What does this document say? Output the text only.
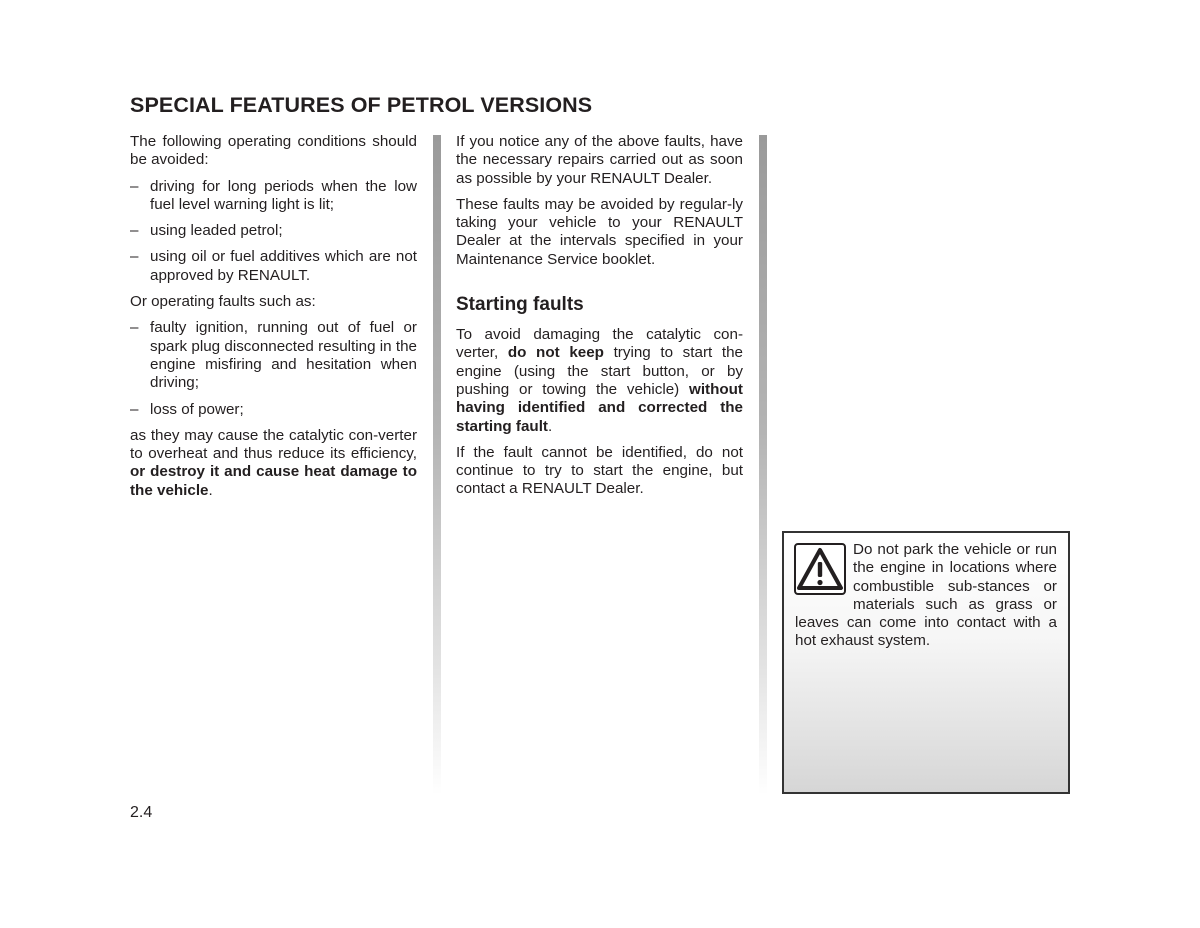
SPECIAL FEATURES OF PETROL VERSIONS

The following operating conditions should be avoided:

– driving for long periods when the low fuel level warning light is lit;
– using leaded petrol;
– using oil or fuel additives which are not approved by RENAULT.

Or operating faults such as:

– faulty ignition, running out of fuel or spark plug disconnected resulting in the engine misfiring and hesitation when driving;
– loss of power;

as they may cause the catalytic con-verter to overheat and thus reduce its efficiency, or destroy it and cause heat damage to the vehicle.

If you notice any of the above faults, have the necessary repairs carried out as soon as possible by your RENAULT Dealer.

These faults may be avoided by regular-ly taking your vehicle to your RENAULT Dealer at the intervals specified in your Maintenance Service booklet.

Starting faults

To avoid damaging the catalytic con-verter, do not keep trying to start the engine (using the start button, or by pushing or towing the vehicle) without having identified and corrected the starting fault.

If the fault cannot be identified, do not continue to try to start the engine, but contact a RENAULT Dealer.

Do not park the vehicle or run the engine in locations where combustible sub-stances or materials such as grass or leaves can come into contact with a hot exhaust system.

2.4
